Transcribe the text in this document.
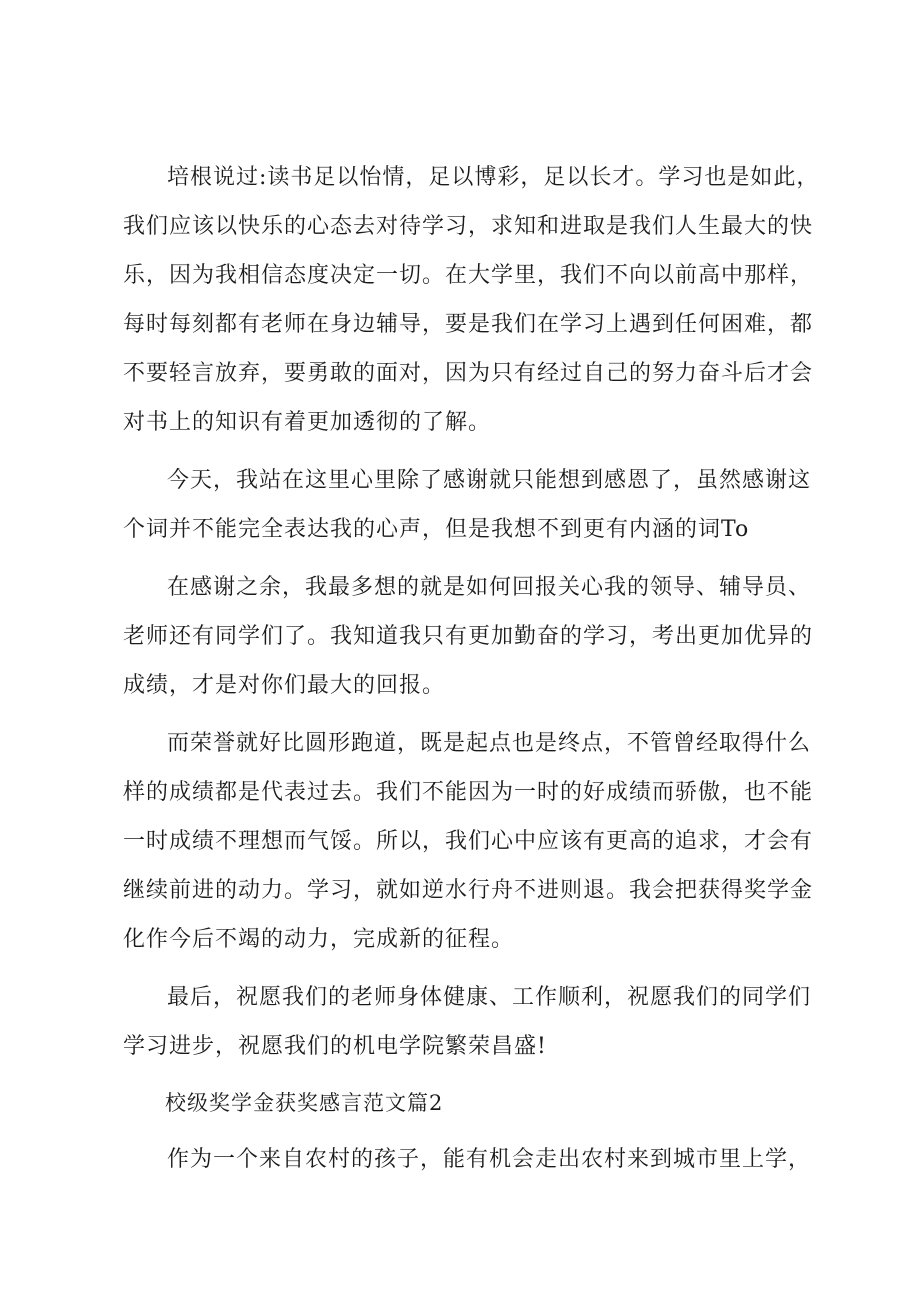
培根说过:读书足以怡情，足以博彩，足以长才。学习也是如此，我们应该以快乐的心态去对待学习，求知和进取是我们人生最大的快乐，因为我相信态度决定一切。在大学里，我们不向以前高中那样，每时每刻都有老师在身边辅导，要是我们在学习上遇到任何困难，都不要轻言放弃，要勇敢的面对，因为只有经过自己的努力奋斗后才会对书上的知识有着更加透彻的了解。

今天，我站在这里心里除了感谢就只能想到感恩了，虽然感谢这个词并不能完全表达我的心声，但是我想不到更有内涵的词To

在感谢之余，我最多想的就是如何回报关心我的领导、辅导员、老师还有同学们了。我知道我只有更加勤奋的学习，考出更加优异的成绩，才是对你们最大的回报。

而荣誉就好比圆形跑道，既是起点也是终点，不管曾经取得什么样的成绩都是代表过去。我们不能因为一时的好成绩而骄傲，也不能一时成绩不理想而气馁。所以，我们心中应该有更高的追求，才会有继续前进的动力。学习，就如逆水行舟不进则退。我会把获得奖学金化作今后不竭的动力，完成新的征程。

最后，祝愿我们的老师身体健康、工作顺利，祝愿我们的同学们学习进步，祝愿我们的机电学院繁荣昌盛!

校级奖学金获奖感言范文篇2

作为一个来自农村的孩子，能有机会走出农村来到城市里上学，
